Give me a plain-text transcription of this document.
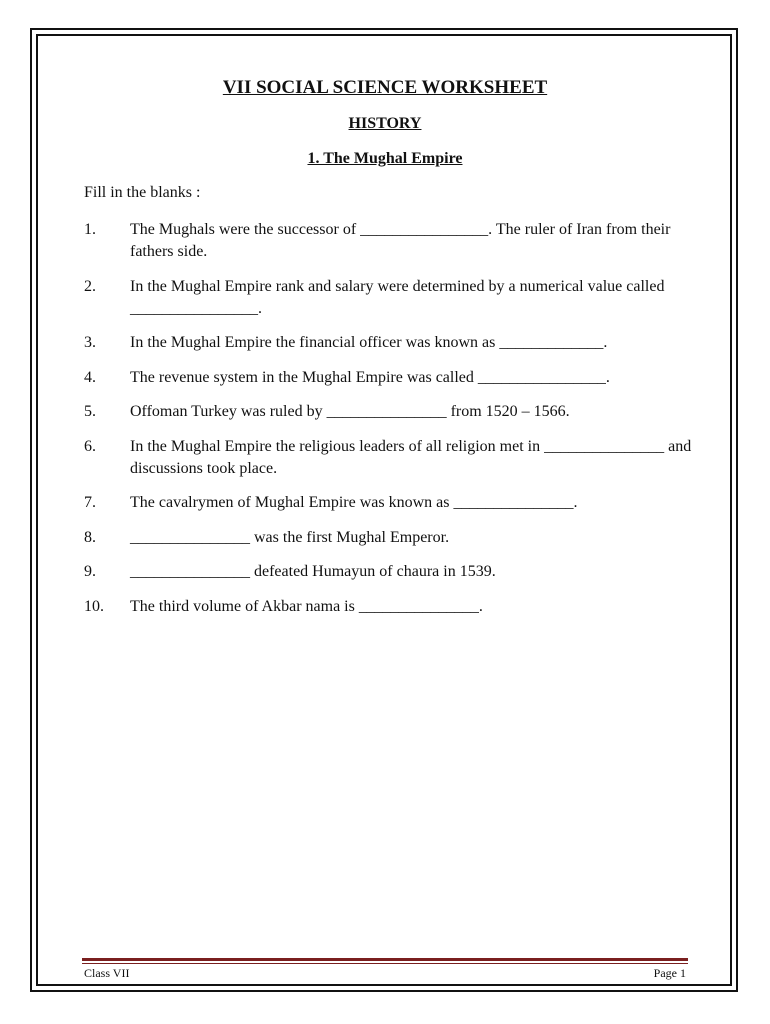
VII SOCIAL SCIENCE WORKSHEET
HISTORY
1. The Mughal Empire

Fill in the blanks :

1.	The Mughals were the successor of ________________. The ruler of Iran from their fathers side.
2.	In the Mughal Empire rank and salary were determined by a numerical value called ________________.
3.	In the Mughal Empire the financial officer was known as _____________.
4.	The revenue system in the Mughal Empire was called ________________.
5.	Offoman Turkey was ruled by _______________ from 1520 – 1566.
6.	In the Mughal Empire the religious leaders of all religion met in _______________ and discussions took place.
7.	The cavalrymen of Mughal Empire was known as _______________.
8.	_______________ was the first Mughal Emperor.
9.	_______________ defeated Humayun of chaura in 1539.
10.	The third volume of Akbar nama is _______________.
Class VII	Page 1
